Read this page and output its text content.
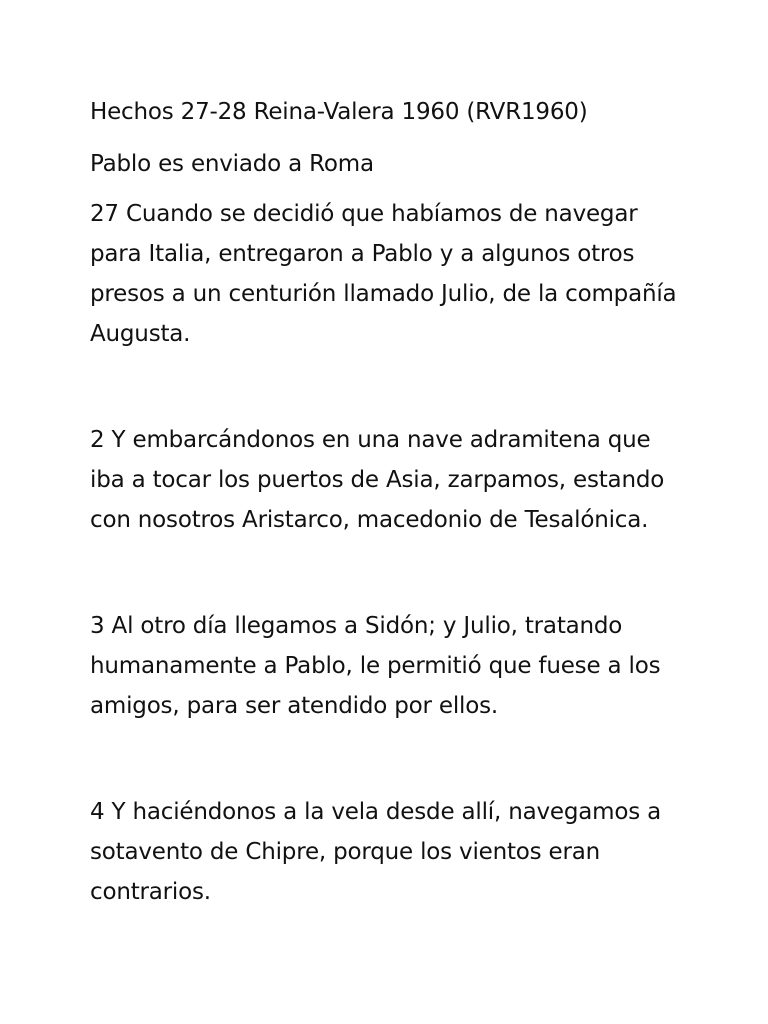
Hechos 27-28 Reina-Valera 1960 (RVR1960)

Pablo es enviado a Roma

27 Cuando se decidió que habíamos de navegar
para Italia, entregaron a Pablo y a algunos otros
presos a un centurión llamado Julio, de la compañía
Augusta.

2 Y embarcándonos en una nave adramitena que
iba a tocar los puertos de Asia, zarpamos, estando
con nosotros Aristarco, macedonio de Tesalónica.

3 Al otro día llegamos a Sidón; y Julio, tratando
humanamente a Pablo, le permitió que fuese a los
amigos, para ser atendido por ellos.

4 Y haciéndonos a la vela desde allí, navegamos a
sotavento de Chipre, porque los vientos eran
contrarios.
